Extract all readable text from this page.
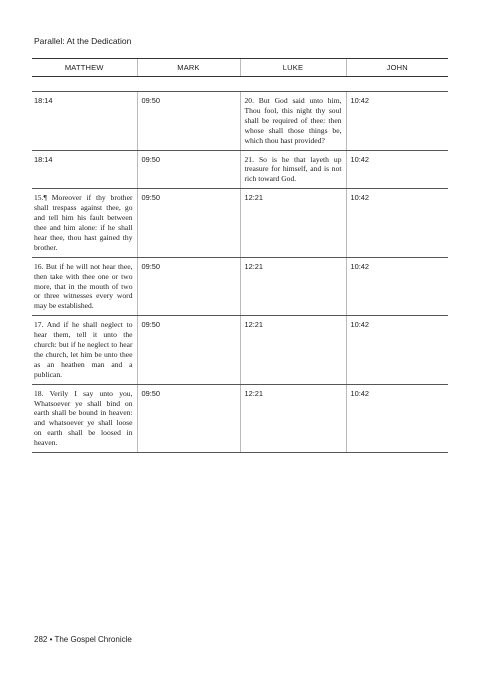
Parallel: At the Dedication
MATTHEW	MARK	LUKE	JOHN

18:14	09:50	20. But God said unto him, Thou fool, this night thy soul shall be required of thee: then whose shall those things be, which thou hast provided?	10:42
18:14	09:50	21. So is he that layeth up treasure for himself, and is not rich toward God.	10:42
15.¶ Moreover if thy brother shall trespass against thee, go and tell him his fault between thee and him alone: if he shall hear thee, thou hast gained thy brother.	09:50	12:21	10:42
16. But if he will not hear thee, then take with thee one or two more, that in the mouth of two or three witnesses every word may be established.	09:50	12:21	10:42
17. And if he shall neglect to hear them, tell it unto the church: but if he neglect to hear the church, let him be unto thee as an heathen man and a publican.	09:50	12:21	10:42
18. Verily I say unto you, Whatsoever ye shall bind on earth shall be bound in heaven: and whatsoever ye shall loose on earth shall be loosed in heaven.	09:50	12:21	10:42
282 • The Gospel Chronicle
